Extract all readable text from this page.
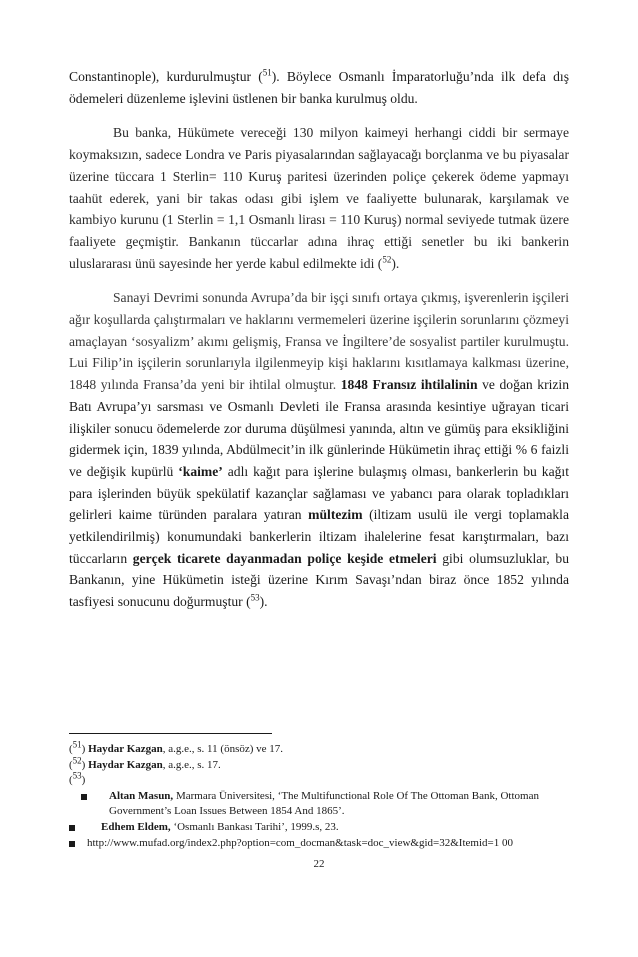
Constantinople), kurdurulmuştur ($^{51}$). Böylece Osmanlı İmparatorluğu’nda ilk defa dış ödemeleri düzenleme işlevini üstlenen bir banka kurulmuş oldu.

Bu banka, Hükümete vereceği 130 milyon kaimeyi herhangi ciddi bir sermaye koymaksızın, sadece Londra ve Paris piyasalarından sağlayacağı borçlanma ve bu piyasalar üzerine tüccara 1 Sterlin= 110 Kuruş paritesi üzerinden poliçe çekerek ödeme yapmayı taahüt ederek, yani bir takas odası gibi işlem ve faaliyette bulunarak, karşılamak ve kambiyo kurunu (1 Sterlin = 1,1 Osmanlı lirası = 110 Kuruş) normal seviyede tutmak üzere faaliyete geçmiştir. Bankanın tüccarlar adına ihraç ettiği senetler bu iki bankerin uluslararası ünü sayesinde her yerde kabul edilmekte idi ($^{52}$).

Sanayi Devrimi sonunda Avrupa’da bir işçi sınıfı ortaya çıkmış, işverenlerin işçileri ağır koşullarda çalıştırmaları ve haklarını vermemeleri üzerine işçilerin sorunlarını çözmeyi amaçlayan ‘sosyalizm’ akımı gelişmiş, Fransa ve İngiltere’de sosyalist partiler kurulmuştu. Lui Filip’in işçilerin sorunlarıyla ilgilenmeyip kişi haklarını kısıtlamaya kalkması üzerine, 1848 yılında Fransa’da yeni bir ihtilal olmuştur. 1848 Fransız ihtilalinin ve doğan krizin Batı Avrupa’yı sarsması ve Osmanlı Devleti ile Fransa arasında kesintiye uğrayan ticari ilişkiler sonucu ödemelerde zor duruma düşülmesi yanında, altın ve gümüş para eksikliğini gidermek için, 1839 yılında, Abdülmecit’in ilk günlerinde Hükümetin ihraç ettiği % 6 faizli ve değişik kupürlü ‘kaime’ adlı kağıt para işlerine bulaşmış olması, bankerlerin bu kağıt para işlerinden büyük spekülatif kazançlar sağlaması ve yabancı para olarak topladıkları gelirleri kaime türünden paralara yatıran mültezim (iltizam usulü ile vergi toplamakla yetkilendirilmiş) konumundaki bankerlerin iltizam ihalelerine fesat karıştırmaları, bazı tüccarların gerçek ticarete dayanmadan poliçe keşide etmeleri gibi olumsuzluklar, bu Bankanın, yine Hükümetin isteği üzerine Kırım Savaşı’ndan biraz önce 1852 yılında tasfiyesi sonucunu doğurmuştur ($^{53}$).

($^{51}$) Haydar Kazgan, a.g.e., s. 11 (önsöz) ve 17.
($^{52}$) Haydar Kazgan, a.g.e., s. 17.
($^{53}$)
Altan Masun, Marmara Üniversitesi, ‘The Multifunctional Role Of The Ottoman Bank, Ottoman Government’s Loan Issues Between 1854 And 1865’.
Edhem Eldem, ‘Osmanlı Bankası Tarihi’, 1999.s, 23.
http://www.mufad.org/index2.php?option=com_docman&task=doc_view&gid=32&Itemid=1 00
22
